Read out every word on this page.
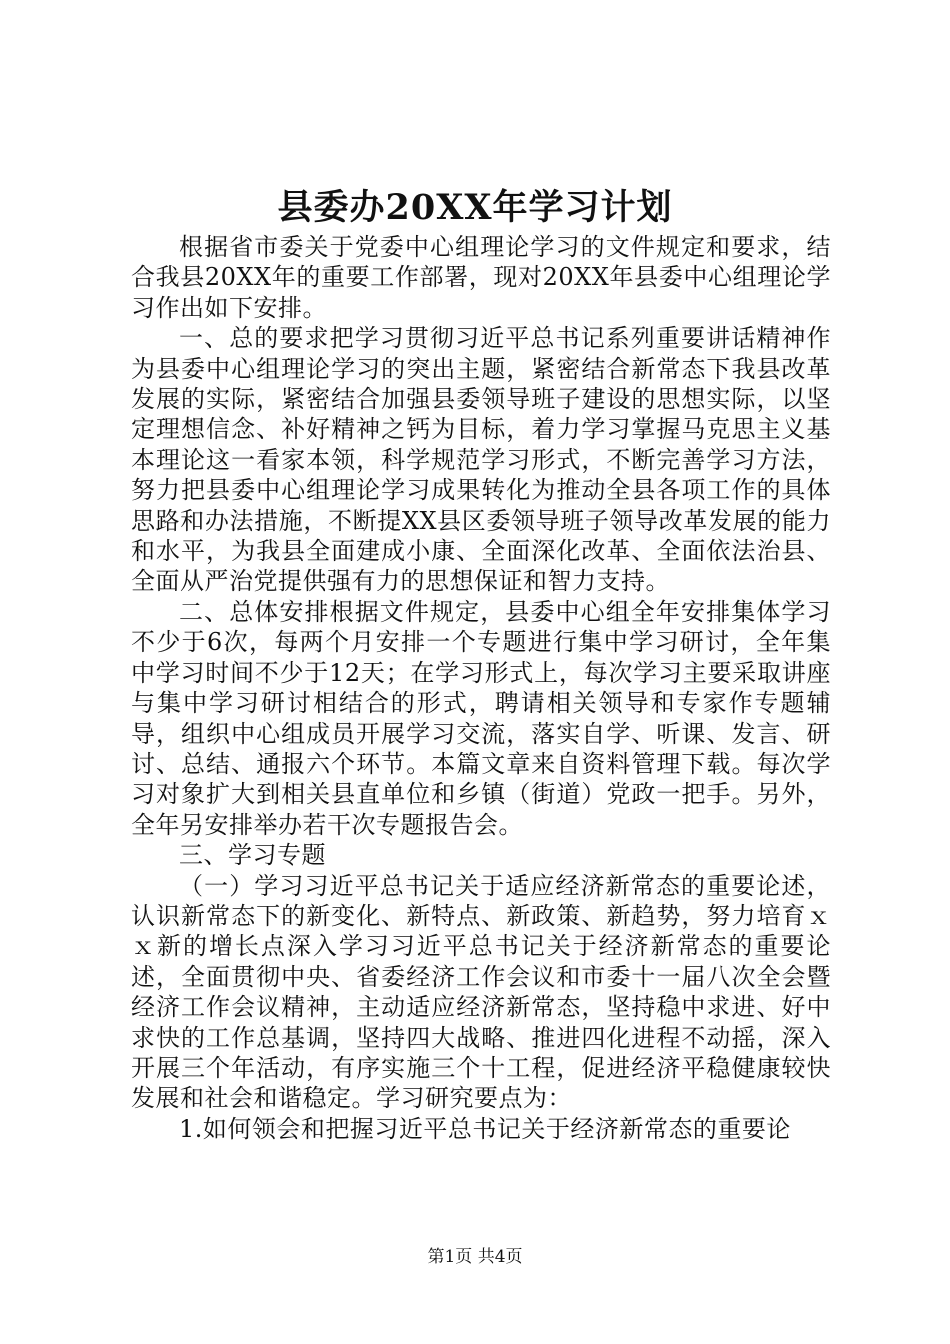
县委办20XX年学习计划

根据省市委关于党委中心组理论学习的文件规定和要求，结合我县20XX年的重要工作部署，现对20XX年县委中心组理论学习作出如下安排。

一、总的要求把学习贯彻习近平总书记系列重要讲话精神作为县委中心组理论学习的突出主题，紧密结合新常态下我县改革发展的实际，紧密结合加强县委领导班子建设的思想实际，以坚定理想信念、补好精神之钙为目标，着力学习掌握马克思主义基本理论这一看家本领，科学规范学习形式，不断完善学习方法，努力把县委中心组理论学习成果转化为推动全县各项工作的具体思路和办法措施，不断提XX县区委领导班子领导改革发展的能力和水平，为我县全面建成小康、全面深化改革、全面依法治县、全面从严治党提供强有力的思想保证和智力支持。

二、总体安排根据文件规定，县委中心组全年安排集体学习不少于6次，每两个月安排一个专题进行集中学习研讨，全年集中学习时间不少于12天；在学习形式上，每次学习主要采取讲座与集中学习研讨相结合的形式，聘请相关领导和专家作专题辅导，组织中心组成员开展学习交流，落实自学、听课、发言、研讨、总结、通报六个环节。本篇文章来自资料管理下载。每次学习对象扩大到相关县直单位和乡镇（街道）党政一把手。另外，全年另安排举办若干次专题报告会。

三、学习专题

（一）学习习近平总书记关于适应经济新常态的重要论述，认识新常态下的新变化、新特点、新政策、新趋势，努力培育ｘｘ新的增长点深入学习习近平总书记关于经济新常态的重要论述，全面贯彻中央、省委经济工作会议和市委十一届八次全会暨经济工作会议精神，主动适应经济新常态，坚持稳中求进、好中求快的工作总基调，坚持四大战略、推进四化进程不动摇，深入开展三个年活动，有序实施三个十工程，促进经济平稳健康较快发展和社会和谐稳定。学习研究要点为：

1.如何领会和把握习近平总书记关于经济新常态的重要论

第1页 共4页
